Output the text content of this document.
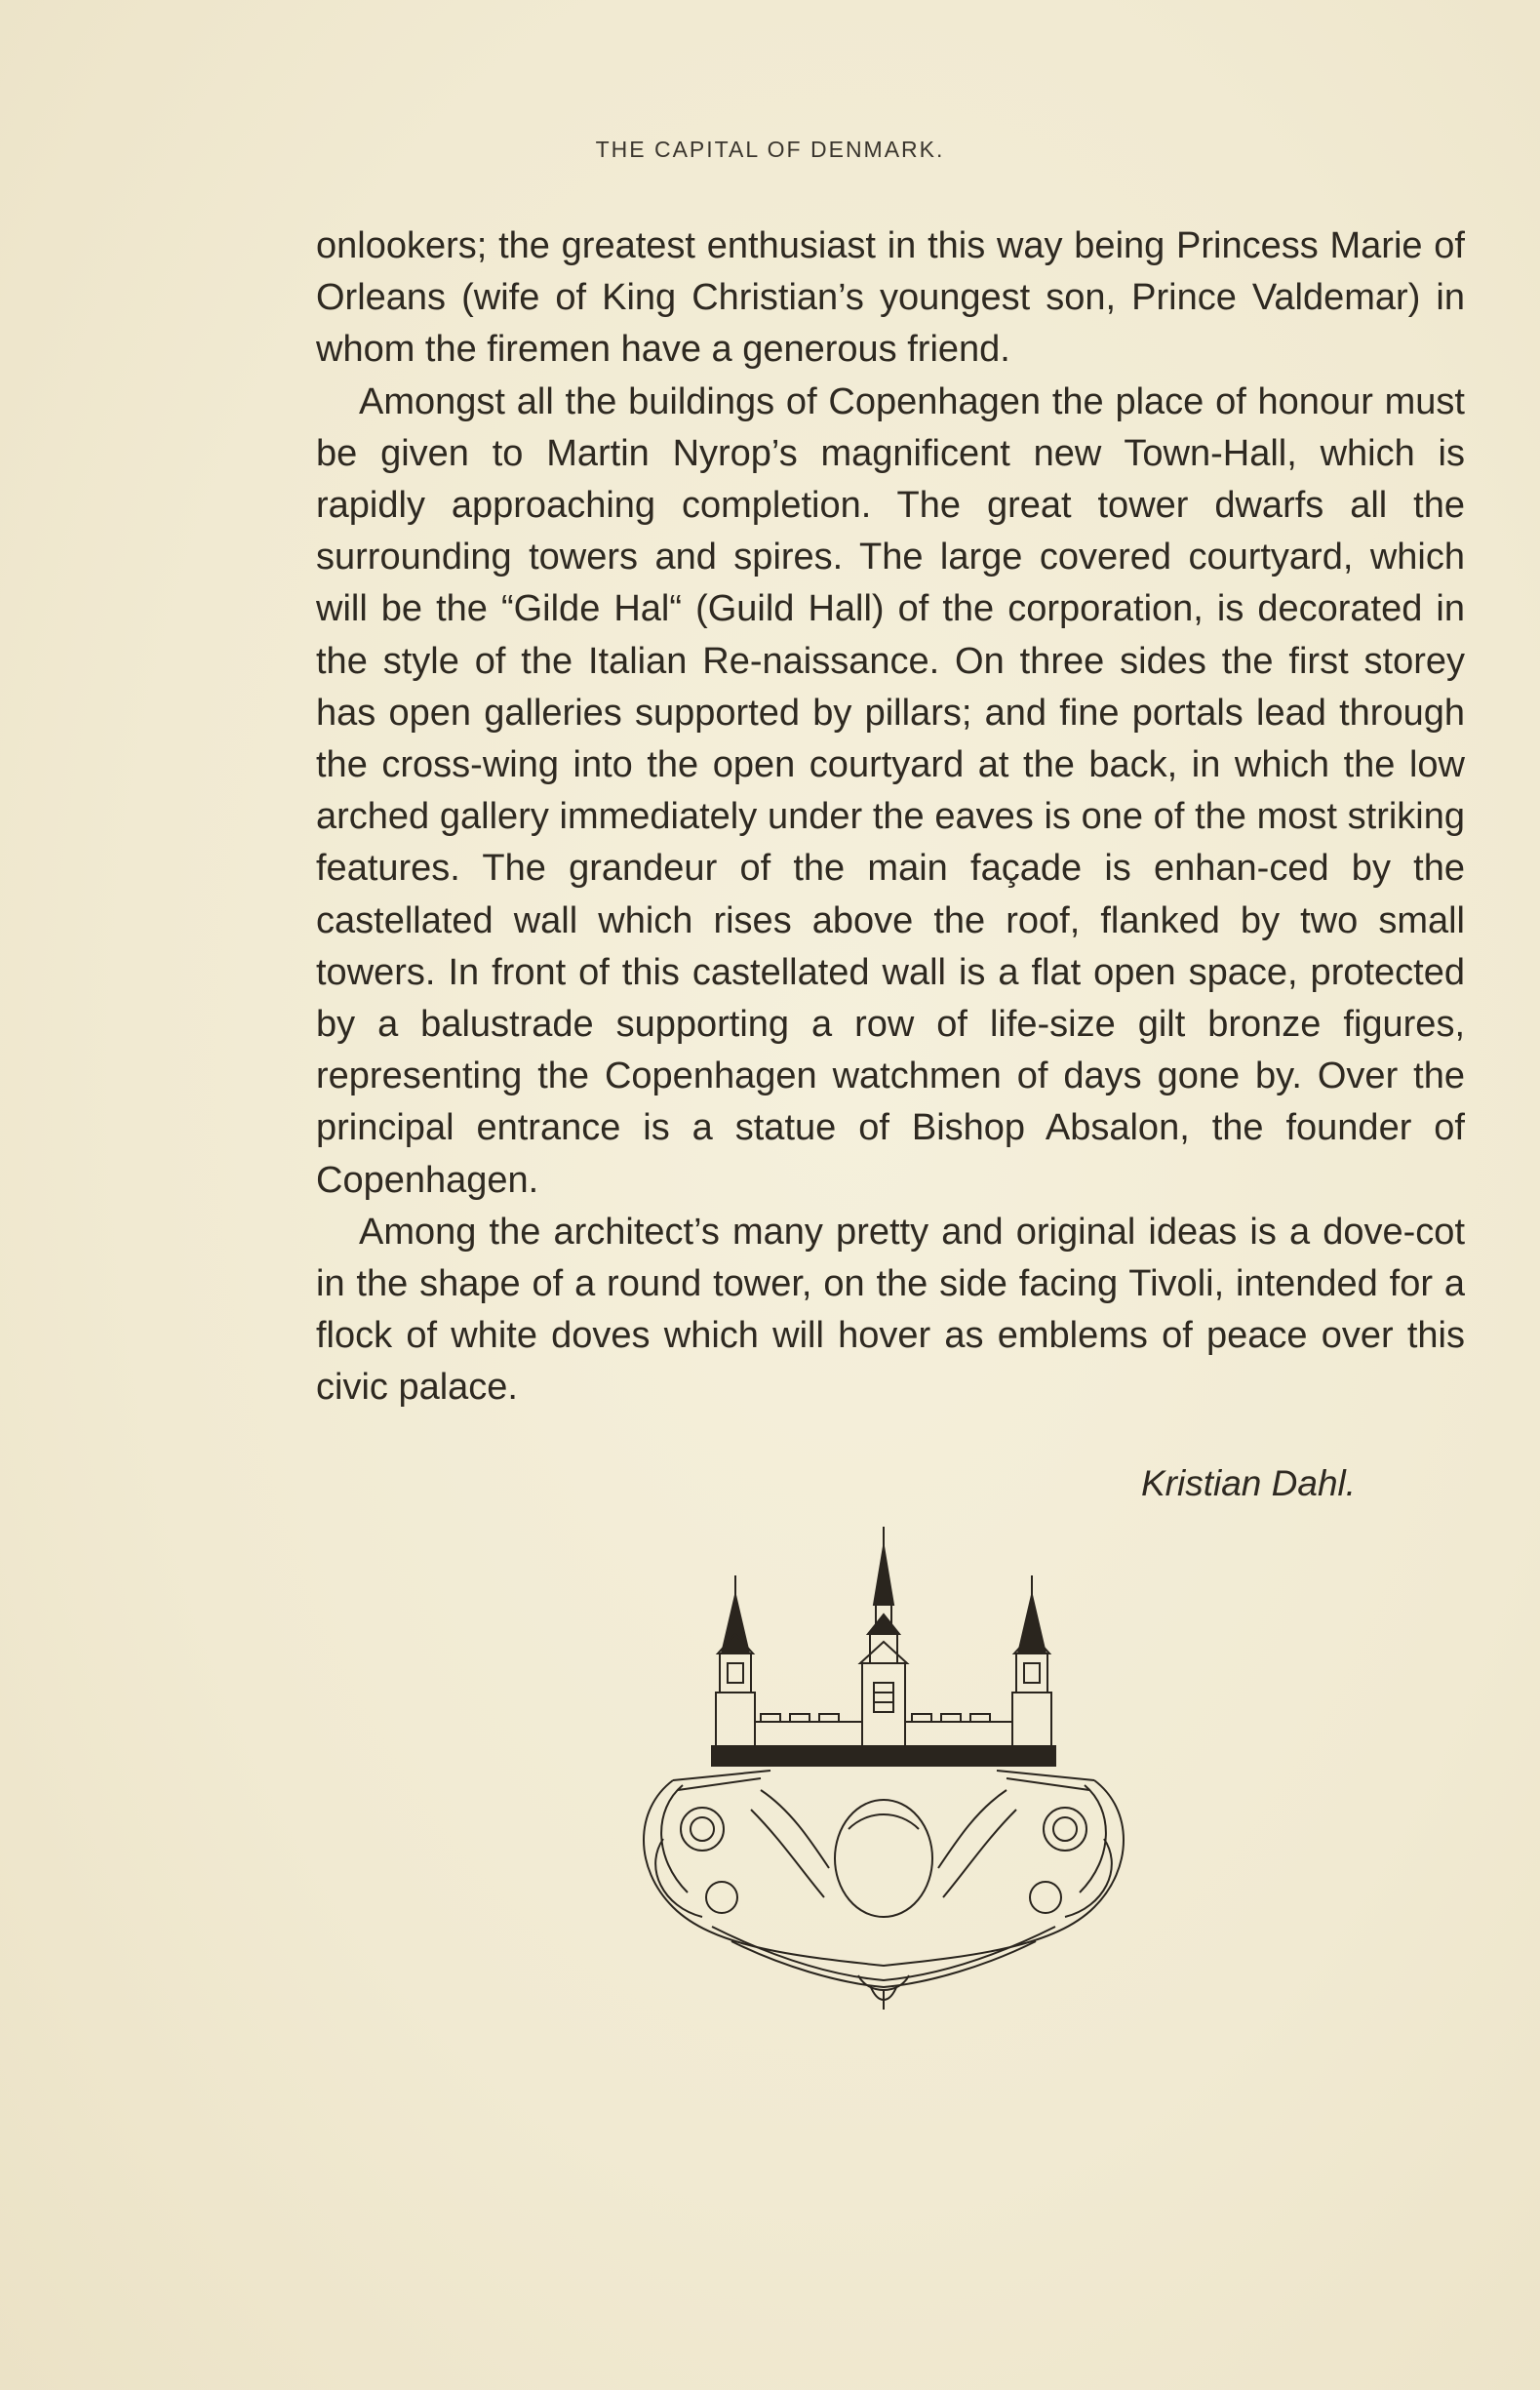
THE CAPITAL OF DENMARK.

onlookers; the greatest enthusiast in this way being Princess Marie of Orleans (wife of King Christian’s youngest son, Prince Valdemar) in whom the firemen have a generous friend.

Amongst all the buildings of Copenhagen the place of honour must be given to Martin Nyrop’s magnificent new Town-Hall, which is rapidly approaching completion. The great tower dwarfs all the surrounding towers and spires. The large covered courtyard, which will be the “Gilde Hal“ (Guild Hall) of the corporation, is decorated in the style of the Italian Re-naissance. On three sides the first storey has open galleries supported by pillars; and fine portals lead through the cross-wing into the open courtyard at the back, in which the low arched gallery immediately under the eaves is one of the most striking features. The grandeur of the main façade is enhan-ced by the castellated wall which rises above the roof, flanked by two small towers. In front of this castellated wall is a flat open space, protected by a balustrade supporting a row of life-size gilt bronze figures, representing the Copenhagen watchmen of days gone by. Over the principal entrance is a statue of Bishop Absalon, the founder of Copenhagen.

Among the architect’s many pretty and original ideas is a dove-cot in the shape of a round tower, on the side facing Tivoli, intended for a flock of white doves which will hover as emblems of peace over this civic palace.

Kristian Dahl.
